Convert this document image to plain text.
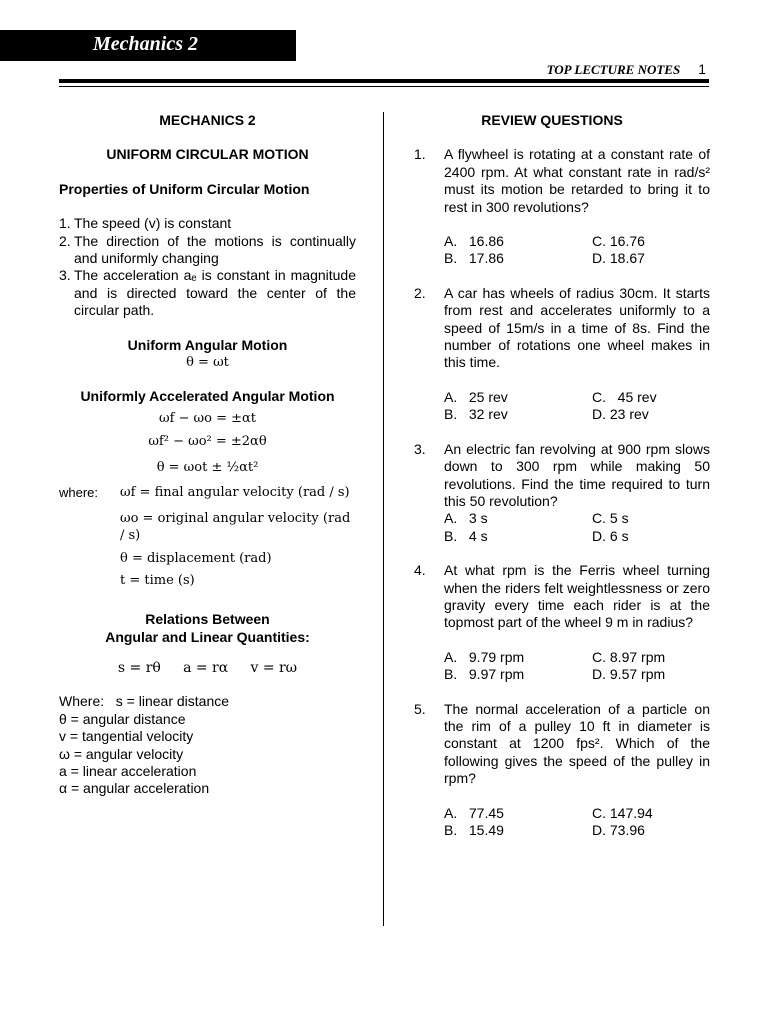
Mechanics 2
TOP LECTURE NOTES 1
MECHANICS 2
UNIFORM CIRCULAR MOTION
Properties of Uniform Circular Motion
1. The speed (v) is constant
2. The direction of the motions is continually and uniformly changing
3. The acceleration aₑ is constant in magnitude and is directed toward the center of the circular path.
Uniform Angular Motion
θ = ωt
Uniformly Accelerated Angular Motion
ωf − ωo = ±αt
ωf² − ωo² = ±2αθ
θ = ωot ± ½αt²
where:	ωf = final angular velocity (rad / s)
ωo = original angular velocity (rad / s)
θ = displacement (rad)
t = time (s)
Relations Between
Angular and Linear Quantities:
s = rθ     a = rα     v = rω
Where:   s = linear distance
θ = angular distance
v = tangential velocity
ω = angular velocity
a = linear acceleration
α = angular acceleration
REVIEW QUESTIONS
1.	A flywheel is rotating at a constant rate of 2400 rpm. At what constant rate in rad/s² must its motion be retarded to bring it to rest in 300 revolutions?
A.   16.86	C. 16.76
B.   17.86	D. 18.67
2.	A car has wheels of radius 30cm. It starts from rest and accelerates uniformly to a speed of 15m/s in a time of 8s. Find the number of rotations one wheel makes in this time.
A.   25 rev	C.   45 rev
B.   32 rev	D. 23 rev
3.	An electric fan revolving at 900 rpm slows down to 300 rpm while making 50 revolutions. Find the time required to turn this 50 revolution?
A.   3 s	C. 5 s
B.   4 s	D. 6 s
4.	At what rpm is the Ferris wheel turning when the riders felt weightlessness or zero gravity every time each rider is at the topmost part of the wheel 9 m in radius?
A.   9.79 rpm	C. 8.97 rpm
B.   9.97 rpm	D. 9.57 rpm
5.	The normal acceleration of a particle on the rim of a pulley 10 ft in diameter is constant at 1200 fps². Which of the following gives the speed of the pulley in rpm?
A.   77.45	C. 147.94
B.   15.49	D. 73.96
